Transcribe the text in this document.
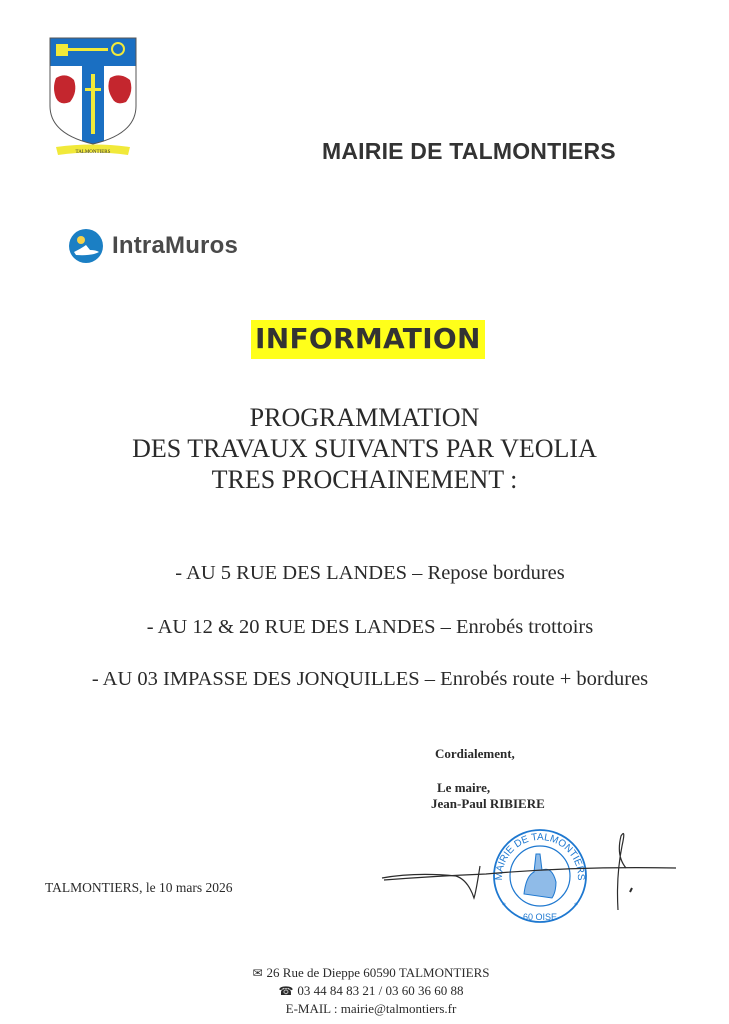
TALMONTIERS	MAIRIE DE TALMONTIERS
IntraMuros
INFORMATION
PROGRAMMATION
DES TRAVAUX SUIVANTS PAR VEOLIA
TRES PROCHAINEMENT :
- AU 5 RUE DES LANDES – Repose bordures
- AU 12 & 20 RUE DES LANDES – Enrobés trottoirs
- AU 03 IMPASSE DES JONQUILLES – Enrobés route + bordures
Cordialement,
Le maire,
Jean-Paul RIBIERE
MAIRIE DE TALMONTIERS
60 OISE
*	*
TALMONTIERS, le 10 mars 2026
✉ 26 Rue de Dieppe 60590 TALMONTIERS
☎ 03 44 84 83 21 / 03 60 36 60 88
E-MAIL : mairie@talmontiers.fr
